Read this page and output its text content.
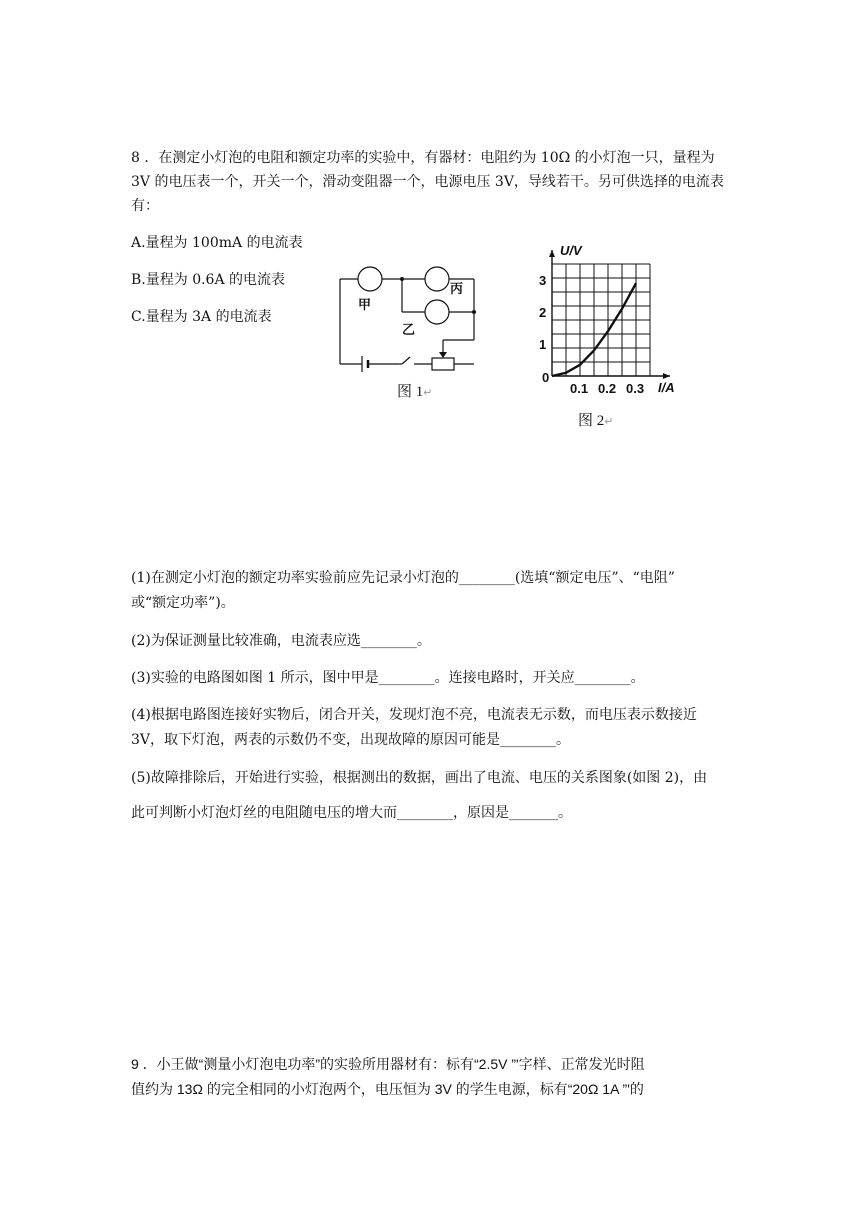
8 ．在测定小灯泡的电阻和额定功率的实验中，有器材：电阻约为 10Ω 的小灯泡一只，量程为
3V 的电压表一个，开关一个，滑动变阻器一个，电源电压 3V，导线若干。另可供选择的电流表
有：
A.量程为 100mA 的电流表
B.量程为 0.6A 的电流表
C.量程为 3A 的电流表
甲
丙
乙
图 1↵
U/V
I/A
0
0.1 0.2 0.3
1
2
3
图 2↵
(1)在测定小灯泡的额定功率实验前应先记录小灯泡的________(选填“额定电压”、“电阻”
或“额定功率”)。
(2)为保证测量比较准确，电流表应选________。
(3)实验的电路图如图 1 所示，图中甲是________。连接电路时，开关应________。
(4)根据电路图连接好实物后，闭合开关，发现灯泡不亮，电流表无示数，而电压表示数接近
3V，取下灯泡，两表的示数仍不变，出现故障的原因可能是________。
(5)故障排除后，开始进行实验，根据测出的数据，画出了电流、电压的关系图象(如图 2)，由
此可判断小灯泡灯丝的电阻随电压的增大而________，原因是_______。
9 ．小王做“测量小灯泡电功率”的实验所用器材有：标有“2.5V ”'字样、正常发光时阻
值约为 13Ω 的完全相同的小灯泡两个，电压恒为 3V 的学生电源，标有“20Ω 1A ”'的
